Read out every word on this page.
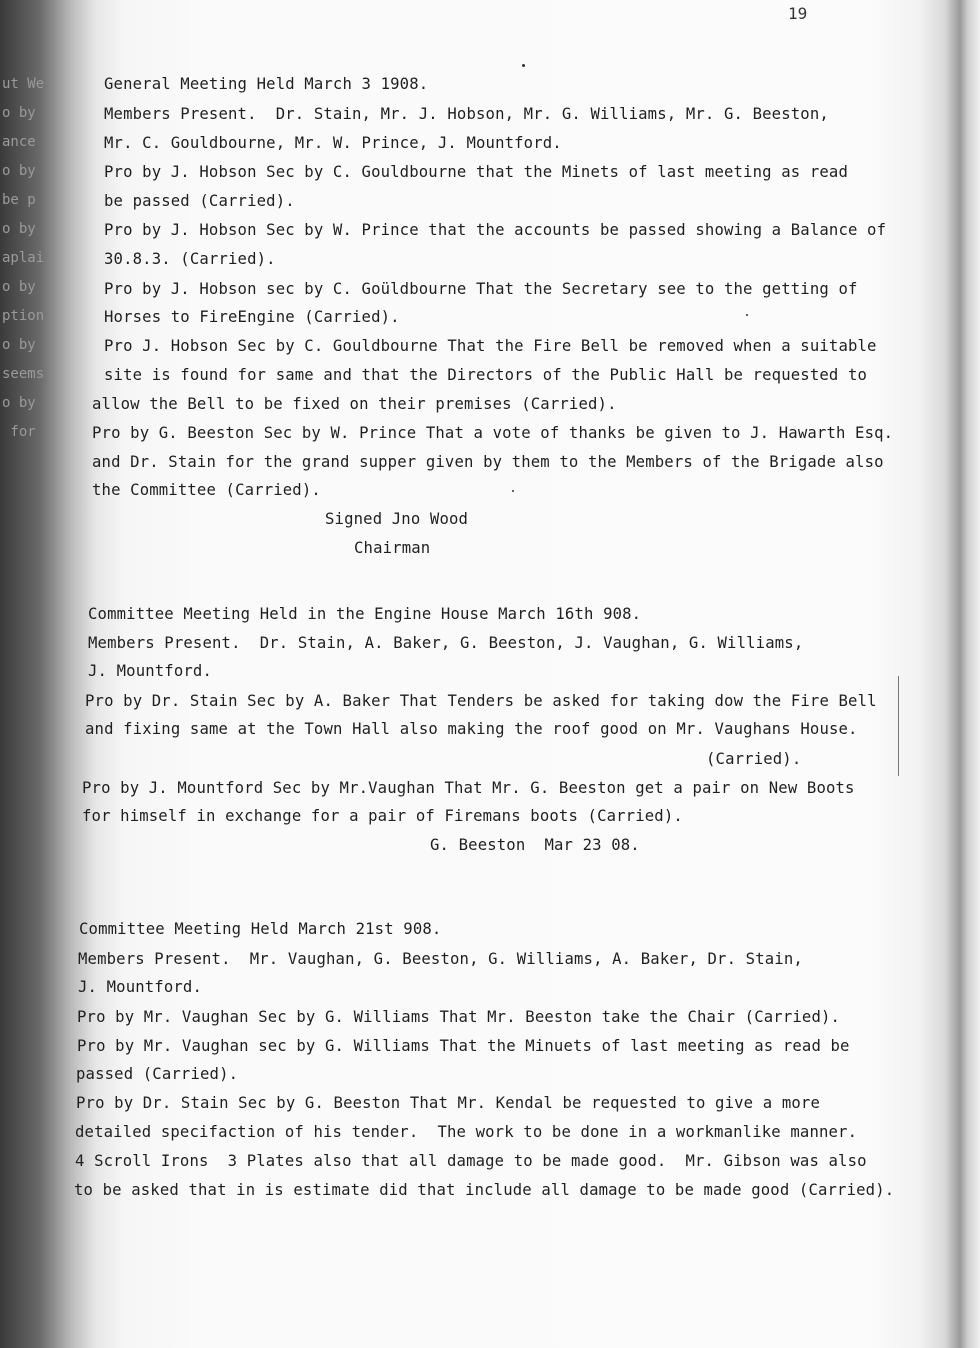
ut We
o by
ance
o by
be p
o by
aplai
o by
ption
o by
seems
o by
for
19
General Meeting Held March 3 1908.
Members Present.  Dr. Stain, Mr. J. Hobson, Mr. G. Williams, Mr. G. Beeston,
Mr. C. Gouldbourne, Mr. W. Prince, J. Mountford.
Pro by J. Hobson Sec by C. Gouldbourne that the Minets of last meeting as read
be passed (Carried).
Pro by J. Hobson Sec by W. Prince that the accounts be passed showing a Balance of
30.8.3. (Carried).
Pro by J. Hobson sec by C. Goüldbourne That the Secretary see to the getting of
Horses to FireEngine (Carried).
Pro J. Hobson Sec by C. Gouldbourne That the Fire Bell be removed when a suitable
site is found for same and that the Directors of the Public Hall be requested to
allow the Bell to be fixed on their premises (Carried).
Pro by G. Beeston Sec by W. Prince That a vote of thanks be given to J. Hawarth Esq.
and Dr. Stain for the grand supper given by them to the Members of the Brigade also
the Committee (Carried).
Signed Jno Wood
Chairman
Committee Meeting Held in the Engine House March 16th 908.
Members Present.  Dr. Stain, A. Baker, G. Beeston, J. Vaughan, G. Williams,
J. Mountford.
Pro by Dr. Stain Sec by A. Baker That Tenders be asked for taking dow the Fire Bell
and fixing same at the Town Hall also making the roof good on Mr. Vaughans House.
(Carried).
Pro by J. Mountford Sec by Mr.Vaughan That Mr. G. Beeston get a pair on New Boots
for himself in exchange for a pair of Firemans boots (Carried).
G. Beeston  Mar 23 08.
Committee Meeting Held March 21st 908.
Members Present.  Mr. Vaughan, G. Beeston, G. Williams, A. Baker, Dr. Stain,
J. Mountford.
Pro by Mr. Vaughan Sec by G. Williams That Mr. Beeston take the Chair (Carried).
Pro by Mr. Vaughan sec by G. Williams That the Minuets of last meeting as read be
passed (Carried).
Pro by Dr. Stain Sec by G. Beeston That Mr. Kendal be requested to give a more
detailed specifaction of his tender.  The work to be done in a workmanlike manner.
4 Scroll Irons  3 Plates also that all damage to be made good.  Mr. Gibson was also
to be asked that in is estimate did that include all damage to be made good (Carried).
